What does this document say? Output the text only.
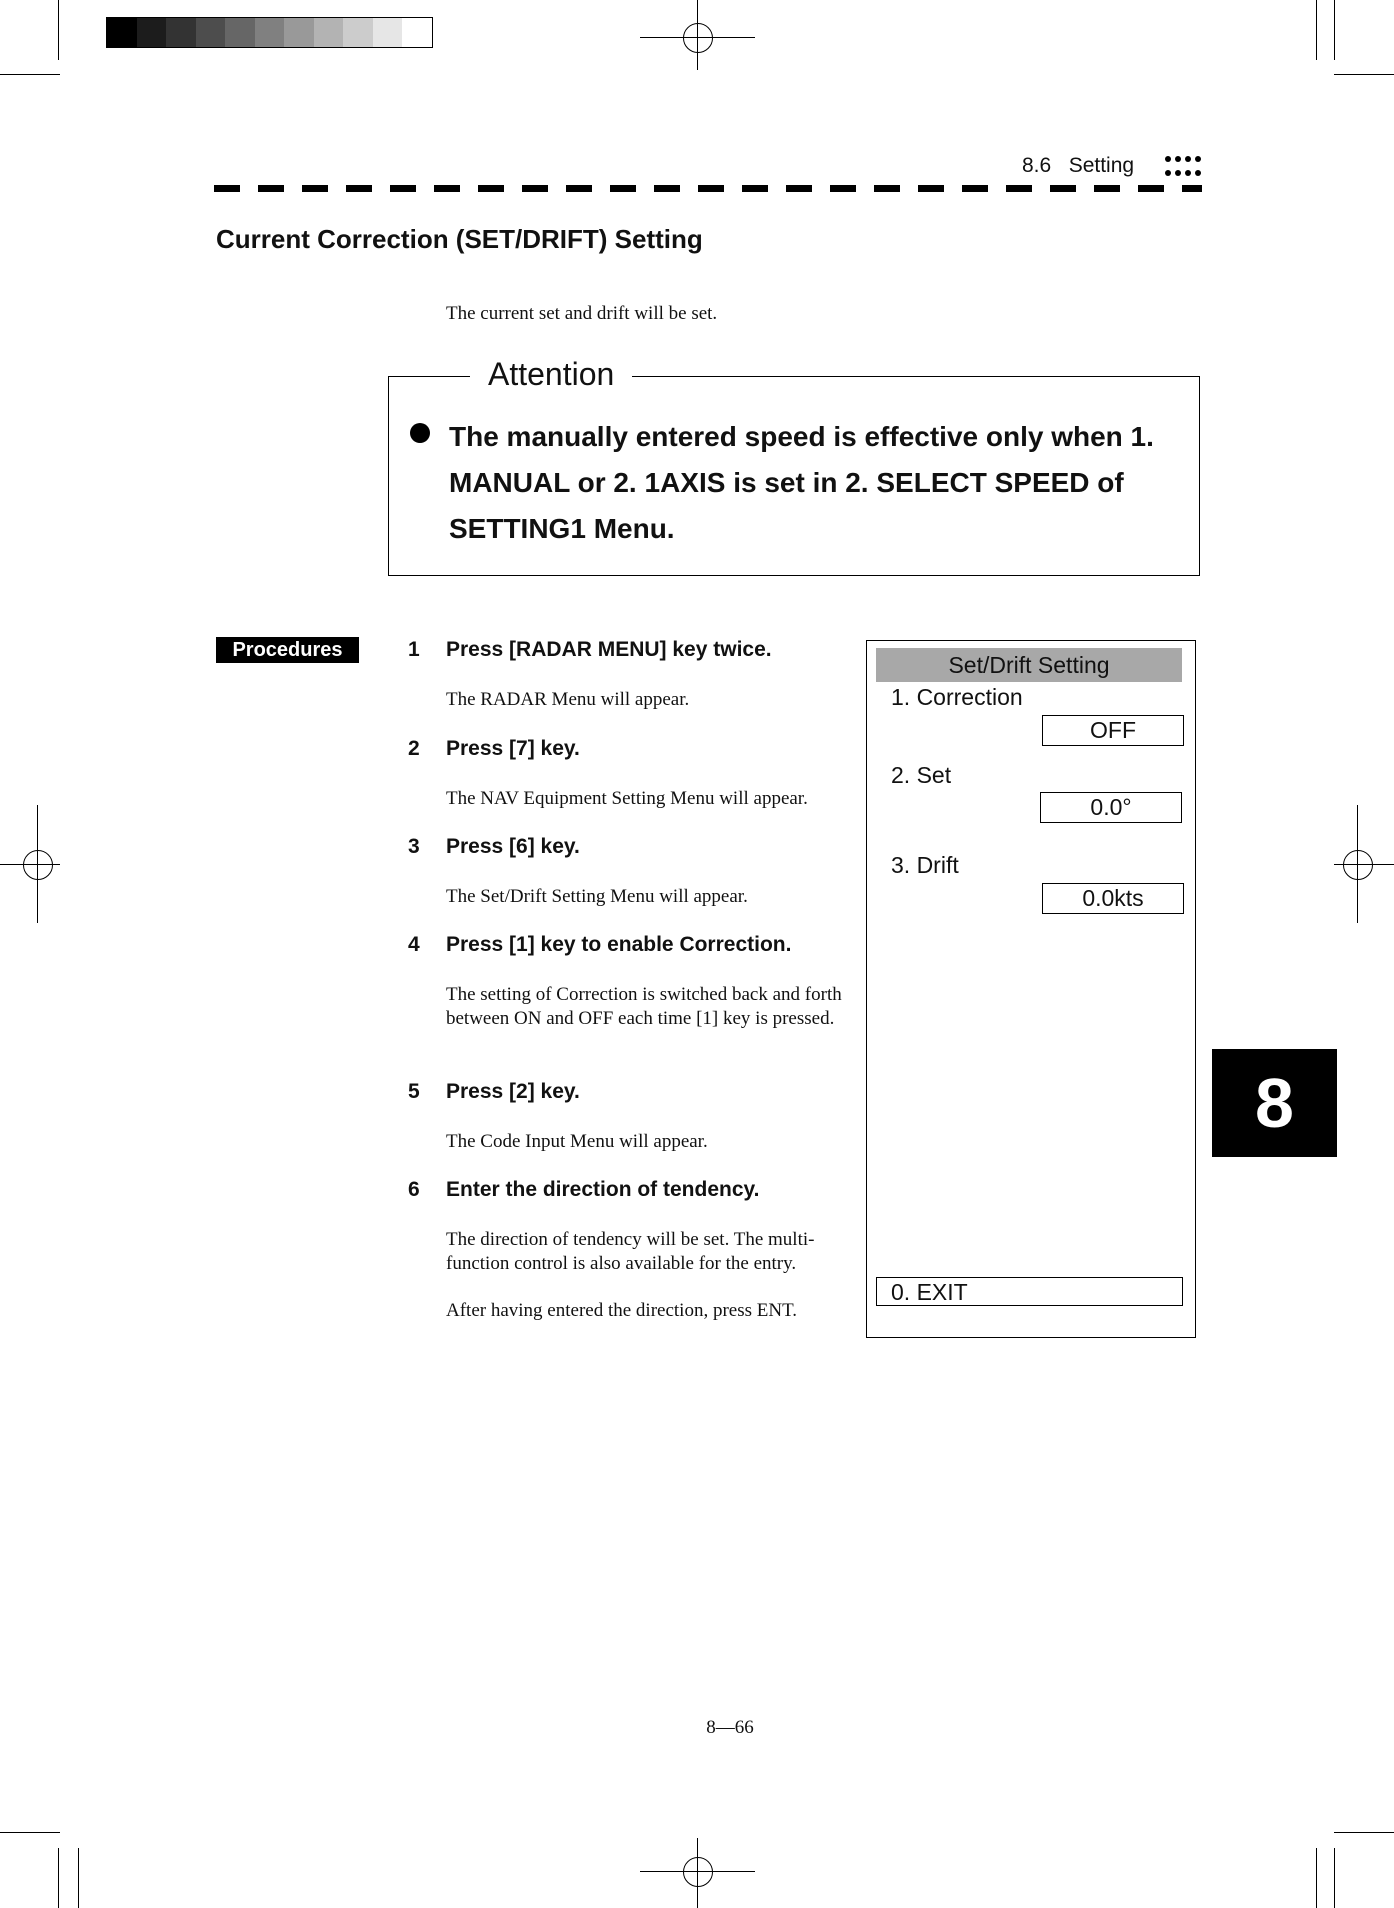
8.6   Setting
Current Correction (SET/DRIFT) Setting
The current set and drift will be set.
Attention
The manually entered speed is effective only when 1. MANUAL or 2. 1AXIS is set in 2. SELECT SPEED of SETTING1 Menu.
Procedures	1 Press [RADAR MENU] key twice.
The RADAR Menu will appear.
2 Press [7] key.
The NAV Equipment Setting Menu will appear.
3 Press [6] key.
The Set/Drift Setting Menu will appear.
4 Press [1] key to enable Correction.
The setting of Correction is switched back and forth between ON and OFF each time [1] key is pressed.
5 Press [2] key.
The Code Input Menu will appear.
6 Enter the direction of tendency.
The direction of tendency will be set. The multi-function control is also available for the entry.
After having entered the direction, press ENT.
Set/Drift Setting
1. Correction
OFF
2. Set
0.0°
3. Drift
0.0kts
0. EXIT
8
8—66
